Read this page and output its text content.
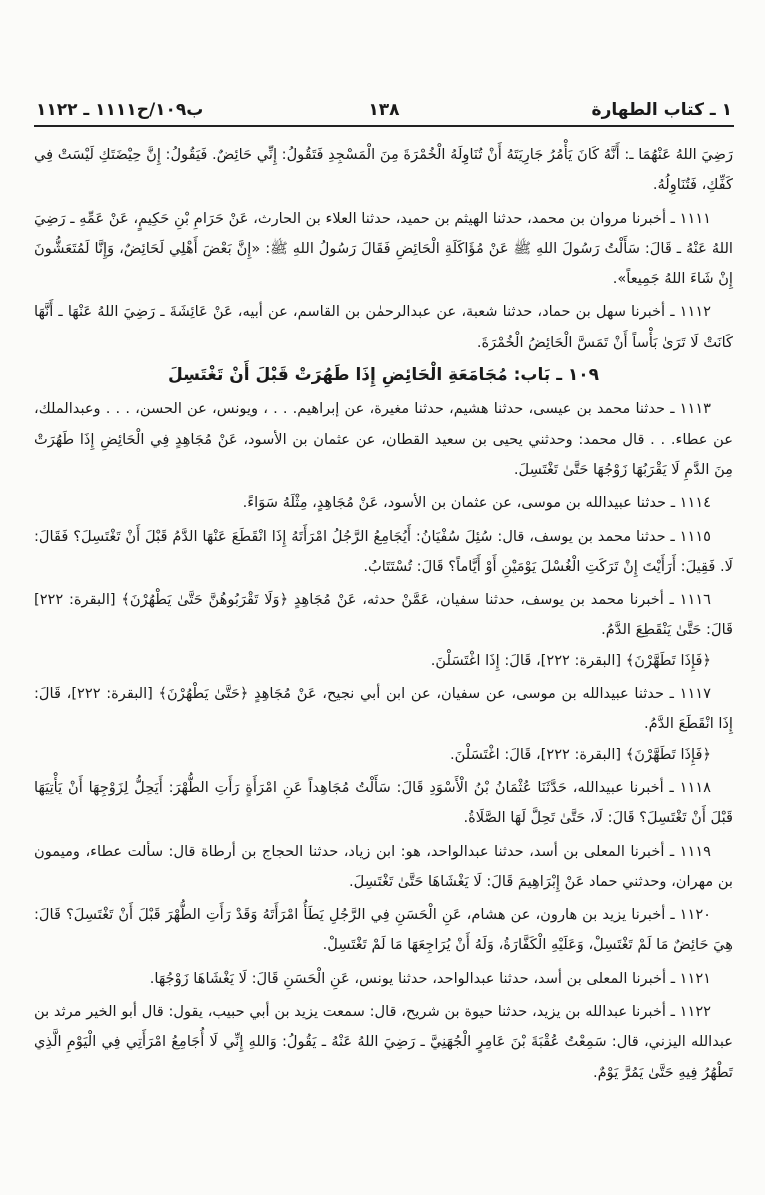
١ ـ كتاب الطهارة
١٣٨
ب١٠٩/ح١١١١ ـ ١١٢٢

رَضِيَ اللهُ عَنْهُمَا ـ: أَنَّهُ كَانَ يَأْمُرُ جَارِيَتَهُ أَنْ تُنَاوِلَهُ الْخُمْرَةَ مِنَ الْمَسْجِدِ فَتَقُولُ: إِنِّي حَائِضٌ. فَيَقُولُ: إِنَّ حِيْضَتَكِ لَيْسَتْ فِي كَفِّكِ، فَتُنَاوِلُهُ.

١١١١ ـ أخبرنا مروان بن محمد، حدثنا الهيثم بن حميد، حدثنا العلاء بن الحارث، عَنْ حَرَامِ بْنِ حَكِيمٍ، عَنْ عَمِّهِ ـ رَضِيَ اللهُ عَنْهُ ـ قَالَ: سَأَلْتُ رَسُولَ اللهِ ﷺ عَنْ مُؤَاكَلَةِ الْحَائِضِ فَقَالَ رَسُولُ اللهِ ﷺ: «إِنَّ بَعْضَ أَهْلِي لَحَائِضٌ، وَإِنَّا لَمُتَعَشُّونَ إِنْ شَاءَ اللهُ جَمِيعاً».

١١١٢ ـ أخبرنا سهل بن حماد، حدثنا شعبة، عن عبدالرحمٰن بن القاسم، عن أبيه، عَنْ عَائِشَةَ ـ رَضِيَ اللهُ عَنْهَا ـ أَنَّهَا كَانَتْ لَا تَرَىٰ بَأْساً أَنْ تَمَسَّ الْحَائِضُ الْخُمْرَةَ.

١٠٩ ـ بَاب: مُجَامَعَةِ الْحَائِضِ إِذَا طَهُرَتْ قَبْلَ أَنْ تَغْتَسِلَ

١١١٣ ـ حدثنا محمد بن عيسى، حدثنا هشيم، حدثنا مغيرة، عن إبراهيم. . . ، ويونس، عن الحسن، . . . وعبدالملك، عن عطاء. . . قال محمد: وحدثني يحيى بن سعيد القطان، عن عثمان بن الأسود، عَنْ مُجَاهِدٍ فِي الْحَائِضِ إِذَا طَهُرَتْ مِنَ الدَّمِ لَا يَقْرَبُهَا زَوْجُهَا حَتَّىٰ تَغْتَسِلَ.

١١١٤ ـ حدثنا عبيدالله بن موسى، عن عثمان بن الأسود، عَنْ مُجَاهِدٍ، مِثْلَهُ سَوَاءً.

١١١٥ ـ حدثنا محمد بن يوسف، قال: سُئِلَ سُفْيَانُ: أَيُجَامِعُ الرَّجُلُ امْرَأَتَهُ إِذَا انْقَطَعَ عَنْهَا الدَّمُ قَبْلَ أَنْ تَغْتَسِلَ؟ فَقَالَ: لَا. فَقِيلَ: أَرَأَيْتَ إِنْ تَرَكَتِ الْغُسْلَ يَوْمَيْنِ أَوْ أَيَّاماً؟ قَالَ: تُسْتَتَابُ.

١١١٦ ـ أخبرنا محمد بن يوسف، حدثنا سفيان، عَمَّنْ حدثه، عَنْ مُجَاهِدٍ ﴿وَلَا تَقْرَبُوهُنَّ حَتَّىٰ يَطْهُرْنَ﴾ [البقرة: ٢٢٢] قَالَ: حَتَّىٰ يَنْقَطِعَ الدَّمُ.

﴿فَإِذَا تَطَهَّرْنَ﴾ [البقرة: ٢٢٢]، قَالَ: إِذَا اغْتَسَلْنَ.

١١١٧ ـ حدثنا عبيدالله بن موسى، عن سفيان، عن ابن أبي نجيح، عَنْ مُجَاهِدٍ ﴿حَتَّىٰ يَطْهُرْنَ﴾ [البقرة: ٢٢٢]، قَالَ: إِذَا انْقَطَعَ الدَّمُ.

﴿فَإِذَا تَطَهَّرْنَ﴾ [البقرة: ٢٢٢]، قَالَ: اغْتَسَلْنَ.

١١١٨ ـ أخبرنا عبيدالله، حَدَّثَنَا عُثْمَانُ بْنُ الْأَسْوَدِ قَالَ: سَأَلْتُ مُجَاهِداً عَنِ امْرَأَةٍ رَأَتِ الطُّهْرَ: أَيَحِلُّ لِزَوْجِهَا أَنْ يَأْتِيَهَا قَبْلَ أَنْ تَغْتَسِلَ؟ قَالَ: لَا، حَتَّىٰ تَحِلَّ لَهَا الصَّلَاةُ.

١١١٩ ـ أخبرنا المعلى بن أسد، حدثنا عبدالواحد، هو: ابن زياد، حدثنا الحجاج بن أرطاة قال: سألت عطاء، وميمون بن مهران، وحدثني حماد عَنْ إِبْرَاهِيمَ قَالَ: لَا يَغْشَاهَا حَتَّىٰ تَغْتَسِلَ.

١١٢٠ ـ أخبرنا يزيد بن هارون، عن هشام، عَنِ الْحَسَنِ فِي الرَّجُلِ يَطَأُ امْرَأَتَهُ وَقَدْ رَأَتِ الطُّهْرَ قَبْلَ أَنْ تَغْتَسِلَ؟ قَالَ: هِيَ حَائِضٌ مَا لَمْ تَغْتَسِلْ، وَعَلَيْهِ الْكَفَّارَةُ، وَلَهُ أَنْ يُرَاجِعَهَا مَا لَمْ تَغْتَسِلْ.

١١٢١ ـ أخبرنا المعلى بن أسد، حدثنا عبدالواحد، حدثنا يونس، عَنِ الْحَسَنِ قَالَ: لَا يَغْشَاهَا زَوْجُهَا.

١١٢٢ ـ أخبرنا عبدالله بن يزيد، حدثنا حيوة بن شريح، قال: سمعت يزيد بن أبي حبيب، يقول: قال أبو الخير مرثد بن عبدالله اليزني، قال: سَمِعْتُ عُقْبَةَ بْنَ عَامِرٍ الْجُهَنِيَّ ـ رَضِيَ اللهُ عَنْهُ ـ يَقُولُ: وَاللهِ إِنِّي لَا أُجَامِعُ امْرَأَتِي فِي الْيَوْمِ الَّذِي تَطْهُرُ فِيهِ حَتَّىٰ يَمُرَّ يَوْمٌ.
